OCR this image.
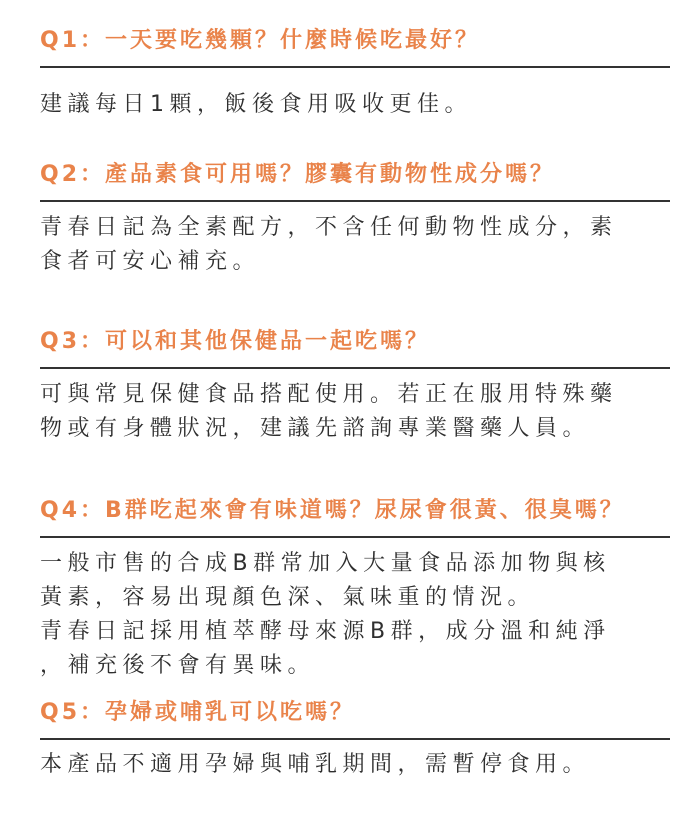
Q1：一天要吃幾顆？什麼時候吃最好？
建議每日1顆，飯後食用吸收更佳。
Q2：產品素食可用嗎？膠囊有動物性成分嗎？
青春日記為全素配方，不含任何動物性成分，素
食者可安心補充。
Q3：可以和其他保健品一起吃嗎？
可與常見保健食品搭配使用。若正在服用特殊藥
物或有身體狀況，建議先諮詢專業醫藥人員。
Q4：B群吃起來會有味道嗎？尿尿會很黃、很臭嗎？
一般市售的合成B群常加入大量食品添加物與核
黃素，容易出現顏色深、氣味重的情況。
青春日記採用植萃酵母來源B群，成分溫和純淨
，補充後不會有異味。
Q5：孕婦或哺乳可以吃嗎？
本產品不適用孕婦與哺乳期間，需暫停食用。
